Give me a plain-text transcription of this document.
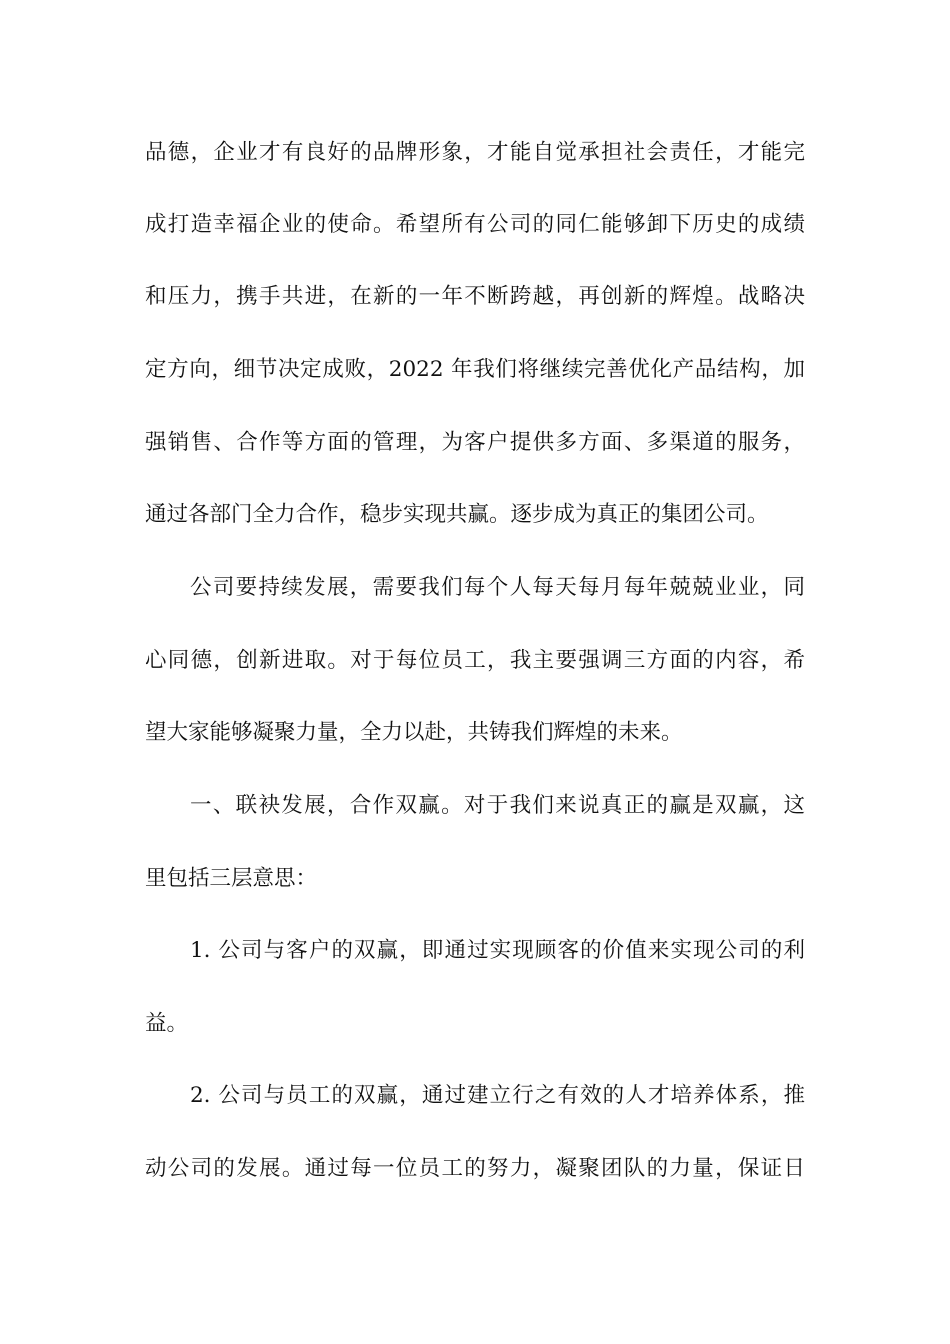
品德，企业才有良好的品牌形象，才能自觉承担社会责任，才能完
成打造幸福企业的使命。希望所有公司的同仁能够卸下历史的成绩
和压力，携手共进，在新的一年不断跨越，再创新的辉煌。战略决
定方向，细节决定成败，2022 年我们将继续完善优化产品结构，加
强销售、合作等方面的管理，为客户提供多方面、多渠道的服务，
通过各部门全力合作，稳步实现共赢。逐步成为真正的集团公司。
公司要持续发展，需要我们每个人每天每月每年兢兢业业，同
心同德，创新进取。对于每位员工，我主要强调三方面的内容，希
望大家能够凝聚力量，全力以赴，共铸我们辉煌的未来。
一、联袂发展，合作双赢。对于我们来说真正的赢是双赢，这
里包括三层意思：
1. 公司与客户的双赢，即通过实现顾客的价值来实现公司的利
益。
2. 公司与员工的双赢，通过建立行之有效的人才培养体系，推
动公司的发展。通过每一位员工的努力，凝聚团队的力量，保证日
